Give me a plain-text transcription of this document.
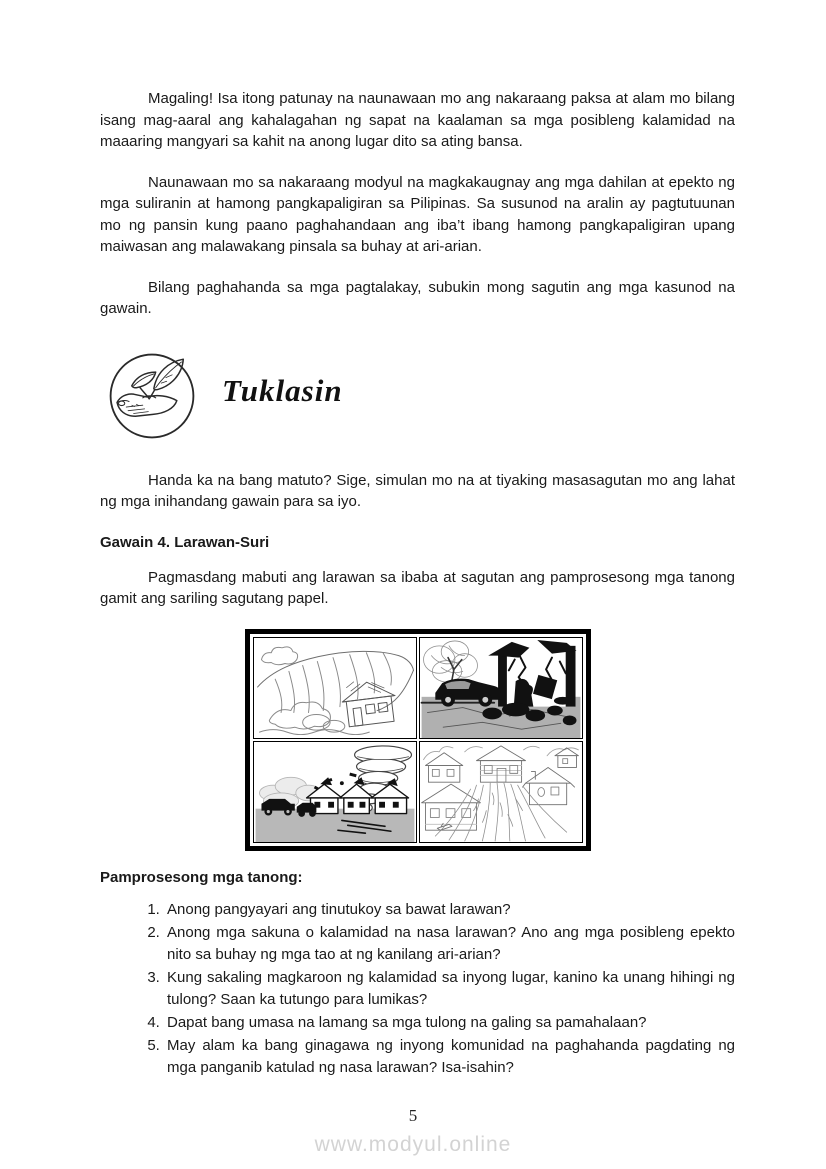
Magaling! Isa itong patunay na naunawaan mo ang nakaraang paksa at alam mo bilang isang mag-aaral ang kahalagahan ng sapat na kaalaman sa mga posibleng kalamidad na maaaring mangyari sa kahit na anong lugar dito sa ating bansa.

Naunawaan mo sa nakaraang modyul na magkakaugnay ang mga dahilan at epekto ng mga suliranin at hamong pangkapaligiran sa Pilipinas. Sa susunod na aralin ay pagtutuunan mo ng pansin kung paano paghahandaan ang iba’t ibang hamong pangkapaligiran upang maiwasan ang malawakang pinsala sa buhay at ari-arian.

Bilang paghahanda sa mga pagtalakay, subukin mong sagutin ang mga kasunod na gawain.

Tuklasin

Handa ka na bang matuto? Sige, simulan mo na at tiyaking masasagutan mo ang lahat ng mga inihandang gawain para sa iyo.

Gawain 4. Larawan-Suri

Pagmasdang mabuti ang larawan sa ibaba at sagutan ang pamprosesong mga tanong gamit ang sariling sagutang papel.

Pamprosesong mga tanong:
1. Anong pangyayari ang tinutukoy sa bawat larawan?
2. Anong mga sakuna o kalamidad na nasa larawan? Ano ang mga posibleng epekto nito sa buhay ng mga tao at ng kanilang ari-arian?
3. Kung sakaling magkaroon ng kalamidad sa inyong lugar, kanino ka unang hihingi ng tulong? Saan ka tutungo para lumikas?
4. Dapat bang umasa na lamang sa mga tulong na galing sa pamahalaan?
5. May alam ka bang ginagawa ng inyong komunidad na paghahanda pagdating ng mga panganib katulad ng nasa larawan? Isa-isahin?
5
www.modyul.online
